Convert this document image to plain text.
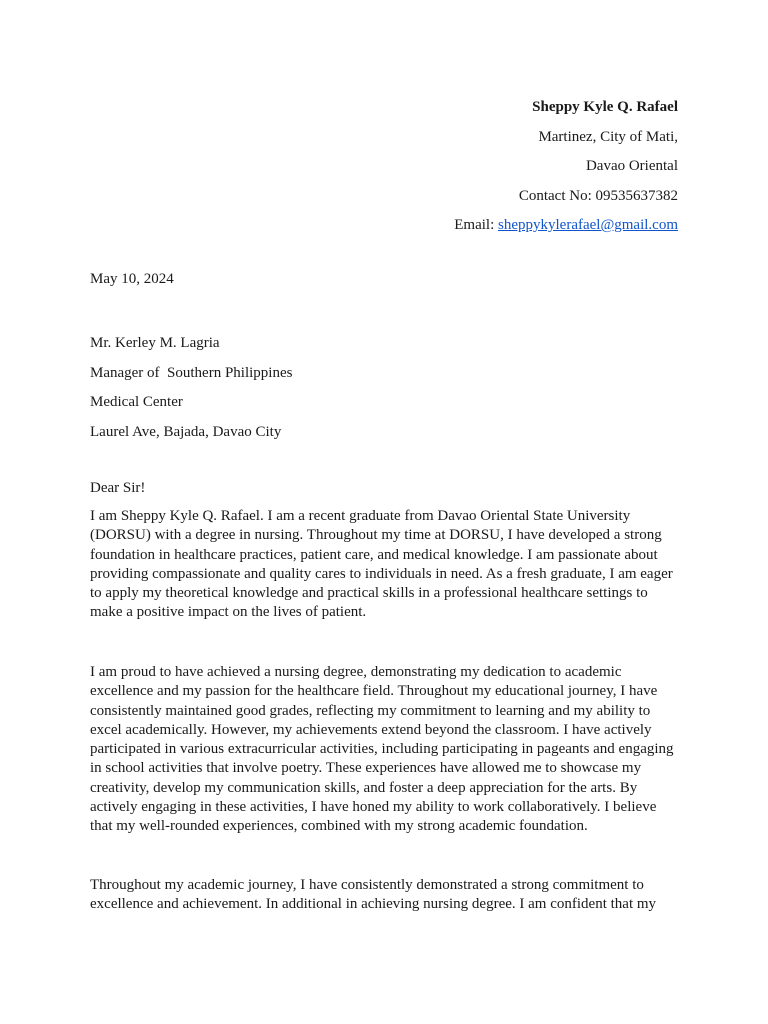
Sheppy Kyle Q. Rafael
Martinez, City of Mati,
Davao Oriental
Contact No: 09535637382
Email: sheppykylerafael@gmail.com
May 10, 2024
Mr. Kerley M. Lagria
Manager of  Southern Philippines
Medical Center
Laurel Ave, Bajada, Davao City
Dear Sir!
I am Sheppy Kyle Q. Rafael. I am a recent graduate from Davao Oriental State University
(DORSU) with a degree in nursing. Throughout my time at DORSU, I have developed a strong
foundation in healthcare practices, patient care, and medical knowledge. I am passionate about
providing compassionate and quality cares to individuals in need. As a fresh graduate, I am eager
to apply my theoretical knowledge and practical skills in a professional healthcare settings to
make a positive impact on the lives of patient.
I am proud to have achieved a nursing degree, demonstrating my dedication to academic
excellence and my passion for the healthcare field. Throughout my educational journey, I have
consistently maintained good grades, reflecting my commitment to learning and my ability to
excel academically. However, my achievements extend beyond the classroom. I have actively
participated in various extracurricular activities, including participating in pageants and engaging
in school activities that involve poetry. These experiences have allowed me to showcase my
creativity, develop my communication skills, and foster a deep appreciation for the arts. By
actively engaging in these activities, I have honed my ability to work collaboratively. I believe
that my well-rounded experiences, combined with my strong academic foundation.
Throughout my academic journey, I have consistently demonstrated a strong commitment to
excellence and achievement. In additional in achieving nursing degree. I am confident that my
